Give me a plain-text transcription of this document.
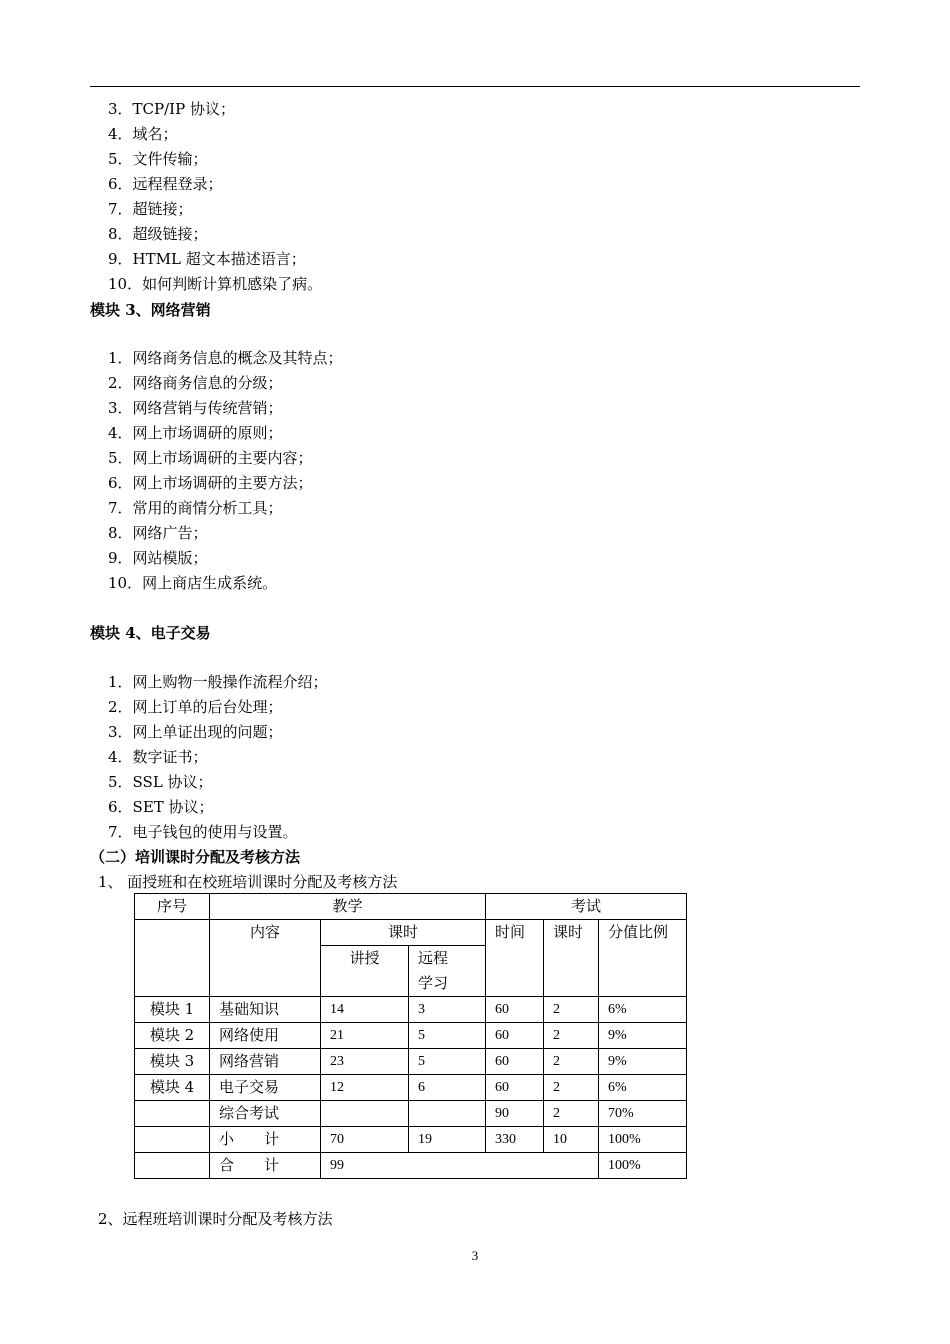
3．TCP/IP 协议；
4．域名；
5．文件传输；
6．远程程登录；
7．超链接；
8．超级链接；
9．HTML 超文本描述语言；
10．如何判断计算机感染了病。
模块 3、网络营销
1．网络商务信息的概念及其特点；
2．网络商务信息的分级；
3．网络营销与传统营销；
4．网上市场调研的原则；
5．网上市场调研的主要内容；
6．网上市场调研的主要方法；
7．常用的商情分析工具；
8．网络广告；
9．网站模版；
10．网上商店生成系统。
模块 4、电子交易
1．网上购物一般操作流程介绍；
2．网上订单的后台处理；
3．网上单证出现的问题；
4．数字证书；
5．SSL 协议；
6．SET 协议；
7．电子钱包的使用与设置。
（二）培训课时分配及考核方法
1、 面授班和在校班培训课时分配及考核方法
序号	教学			考试		
	内容	课时		时间	课时	分值比例
		讲授	远程学习			
模块 1	基础知识	14	3	60	2	6%
模块 2	网络使用	21	5	60	2	9%
模块 3	网络营销	23	5	60	2	9%
模块 4	电子交易	12	6	60	2	6%
	综合考试			90	2	70%
	小　　计	70	19	330	10	100%
	合　　计	99				100%
2、远程班培训课时分配及考核方法
3
